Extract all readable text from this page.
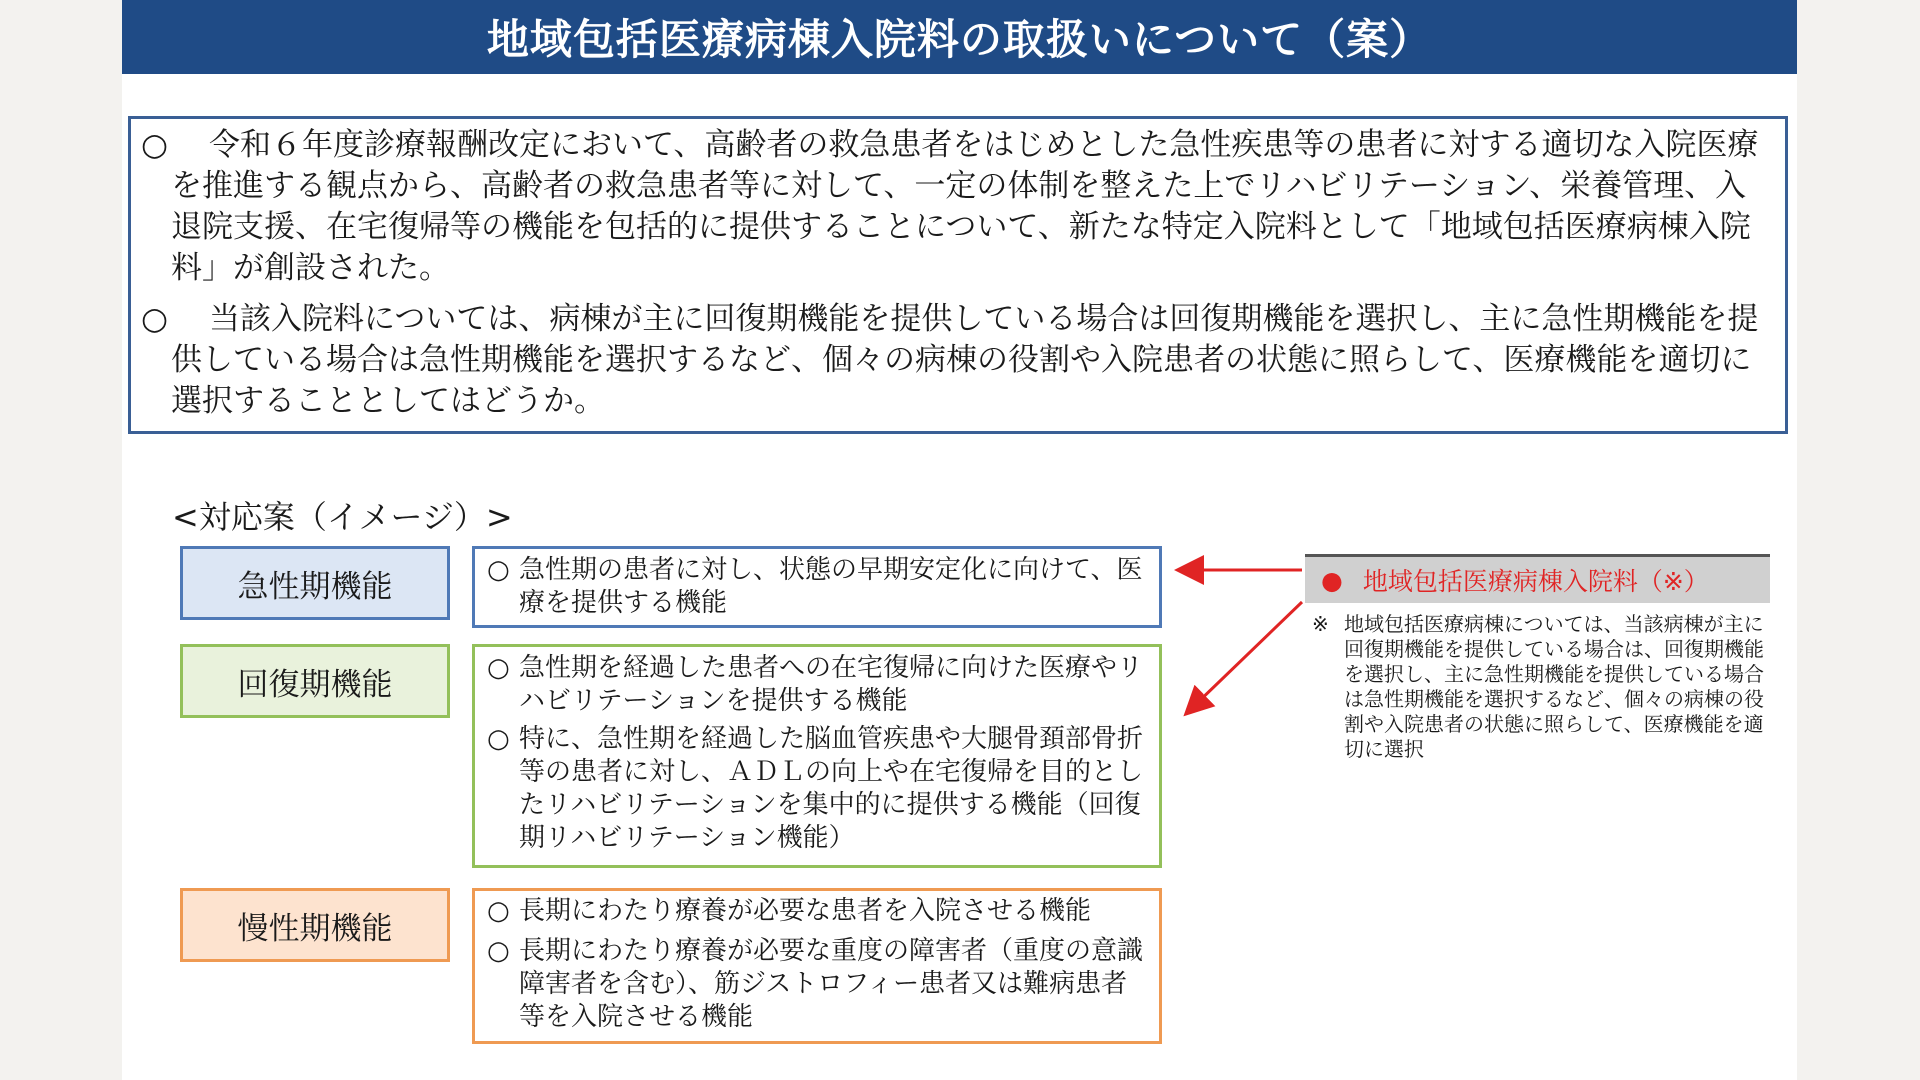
地域包括医療病棟入院料の取扱いについて（案）
○	令和６年度診療報酬改定において、高齢者の救急患者をはじめとした急性疾患等の患者に対する適切な入院医療を推進する観点から、高齢者の救急患者等に対して、一定の体制を整えた上でリハビリテーション、栄養管理、入退院支援、在宅復帰等の機能を包括的に提供することについて、新たな特定入院料として「地域包括医療病棟入院料」が創設された。
○	当該入院料については、病棟が主に回復期機能を提供している場合は回復期機能を選択し、主に急性期機能を提供している場合は急性期機能を選択するなど、個々の病棟の役割や入院患者の状態に照らして、医療機能を適切に選択することとしてはどうか。
<対応案（イメージ）>
急性期機能	○ 急性期の患者に対し、状態の早期安定化に向けて、医療を提供する機能
回復期機能	○ 急性期を経過した患者への在宅復帰に向けた医療やリハビリテーションを提供する機能
○ 特に、急性期を経過した脳血管疾患や大腿骨頚部骨折等の患者に対し、ＡＤＬの向上や在宅復帰を目的としたリハビリテーションを集中的に提供する機能（回復期リハビリテーション機能）
慢性期機能	○ 長期にわたり療養が必要な患者を入院させる機能
○ 長期にわたり療養が必要な重度の障害者（重度の意識障害者を含む）、筋ジストロフィー患者又は難病患者等を入院させる機能
● 地域包括医療病棟入院料（※）
※ 地域包括医療病棟については、当該病棟が主に回復期機能を提供している場合は、回復期機能を選択し、主に急性期機能を提供している場合は急性期機能を選択するなど、個々の病棟の役割や入院患者の状態に照らして、医療機能を適切に選択
